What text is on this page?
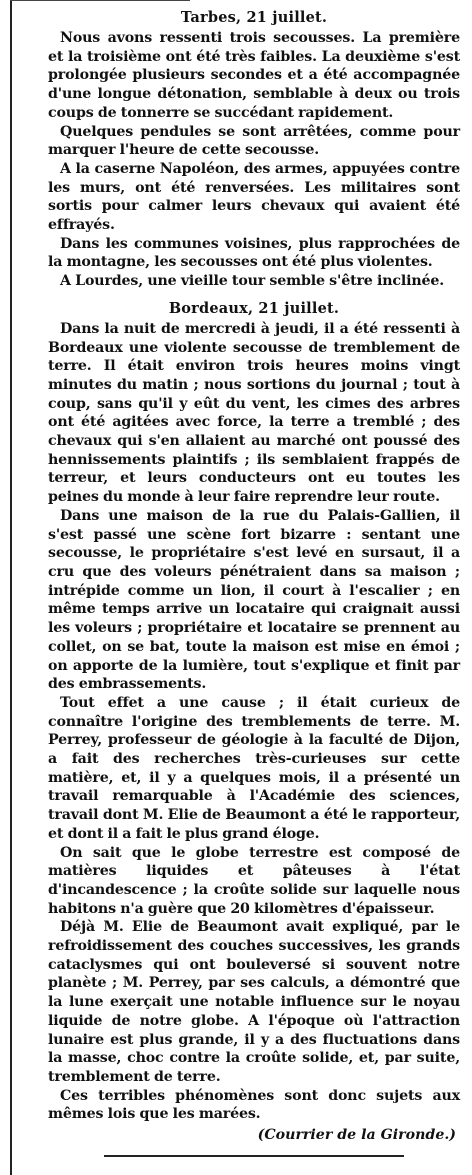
Tarbes, 21 juillet.

Nous avons ressenti trois secousses. La première et la troisième ont été très faibles. La deuxième s'est prolongée plusieurs secondes et a été accompagnée d'une longue détonation, semblable à deux ou trois coups de tonnerre se succédant rapidement.

Quelques pendules se sont arrêtées, comme pour marquer l'heure de cette secousse.

A la caserne Napoléon, des armes, appuyées contre les murs, ont été renversées. Les militaires sont sortis pour calmer leurs chevaux qui avaient été effrayés.

Dans les communes voisines, plus rapprochées de la montagne, les secousses ont été plus violentes.

A Lourdes, une vieille tour semble s'être inclinée.

Bordeaux, 21 juillet.

Dans la nuit de mercredi à jeudi, il a été ressenti à Bordeaux une violente secousse de tremblement de terre. Il était environ trois heures moins vingt minutes du matin ; nous sortions du journal ; tout à coup, sans qu'il y eût du vent, les cimes des arbres ont été agitées avec force, la terre a tremblé ; des chevaux qui s'en allaient au marché ont poussé des hennissements plaintifs ; ils semblaient frappés de terreur, et leurs conducteurs ont eu toutes les peines du monde à leur faire reprendre leur route.

Dans une maison de la rue du Palais-Gallien, il s'est passé une scène fort bizarre : sentant une secousse, le propriétaire s'est levé en sursaut, il a cru que des voleurs pénétraient dans sa maison ; intrépide comme un lion, il court à l'escalier ; en même temps arrive un locataire qui craignait aussi les voleurs ; propriétaire et locataire se prennent au collet, on se bat, toute la maison est mise en émoi ; on apporte de la lumière, tout s'explique et finit par des embrassements.

Tout effet a une cause ; il était curieux de connaître l'origine des tremblements de terre. M. Perrey, professeur de géologie à la faculté de Dijon, a fait des recherches très-curieuses sur cette matière, et, il y a quelques mois, il a présenté un travail remarquable à l'Académie des sciences, travail dont M. Elie de Beaumont a été le rapporteur, et dont il a fait le plus grand éloge.

On sait que le globe terrestre est composé de matières liquides et pâteuses à l'état d'incandescence ; la croûte solide sur laquelle nous habitons n'a guère que 20 kilomètres d'épaisseur.

Déjà M. Elie de Beaumont avait expliqué, par le refroidissement des couches successives, les grands cataclysmes qui ont bouleversé si souvent notre planète ; M. Perrey, par ses calculs, a démontré que la lune exerçait une notable influence sur le noyau liquide de notre globe. A l'époque où l'attraction lunaire est plus grande, il y a des fluctuations dans la masse, choc contre la croûte solide, et, par suite, tremblement de terre.

Ces terribles phénomènes sont donc sujets aux mêmes lois que les marées.

(Courrier de la Gironde.)
